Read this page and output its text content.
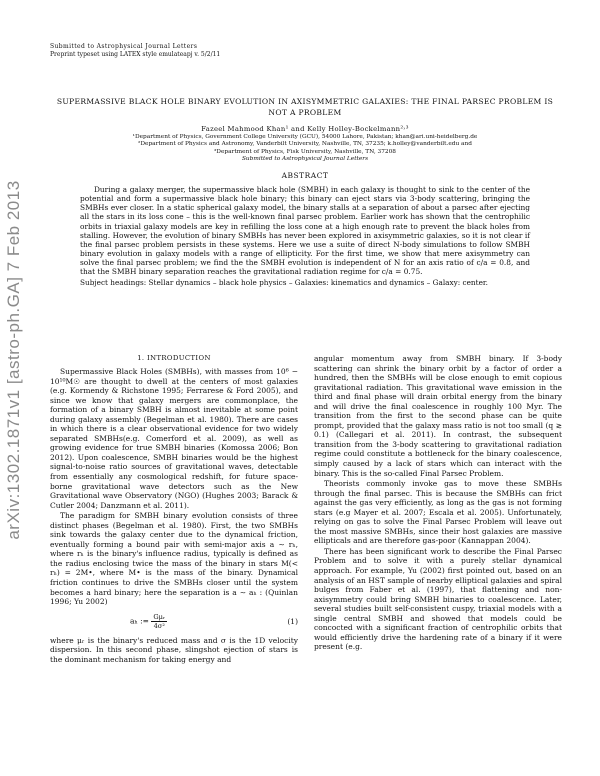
arXiv:1302.1871v1 [astro-ph.GA] 7 Feb 2013

Submitted to Astrophysical Journal Letters

Preprint typeset using LATEX style emulateapj v. 5/2/11

SUPERMASSIVE BLACK HOLE BINARY EVOLUTION IN AXISYMMETRIC GALAXIES: THE FINAL PARSEC PROBLEM IS NOT A PROBLEM
Fazeel Mahmood Khan¹ and Kelly Holley-Bockelmann²˒³
¹Department of Physics, Government College University (GCU), 54000 Lahore, Pakistan; khan@ari.uni-heidelberg.de
²Department of Physics and Astronomy, Vanderbilt University, Nashville, TN, 37235; k.holley@vanderbilt.edu and
³Department of Physics, Fisk University, Nashville, TN, 37208
Submitted to Astrophysical Journal Letters
ABSTRACT
During a galaxy merger, the supermassive black hole (SMBH) in each galaxy is thought to sink to the center of the potential and form a supermassive black hole binary; this binary can eject stars via 3-body scattering, bringing the SMBHs ever closer. In a static spherical galaxy model, the binary stalls at a separation of about a parsec after ejecting all the stars in its loss cone – this is the well-known final parsec problem. Earlier work has shown that the centrophilic orbits in triaxial galaxy models are key in refilling the loss cone at a high enough rate to prevent the black holes from stalling. However, the evolution of binary SMBHs has never been explored in axisymmetric galaxies, so it is not clear if the final parsec problem persists in these systems. Here we use a suite of direct N-body simulations to follow SMBH binary evolution in galaxy models with a range of ellipticity. For the first time, we show that mere axisymmetry can solve the final parsec problem; we find the the SMBH evolution is independent of N for an axis ratio of c/a = 0.8, and that the SMBH binary separation reaches the gravitational radiation regime for c/a = 0.75.
Subject headings: Stellar dynamics – black hole physics – Galaxies: kinematics and dynamics – Galaxy: center.
1. INTRODUCTION

Supermassive Black Holes (SMBHs), with masses from 10⁶ − 10¹⁰M☉ are thought to dwell at the centers of most galaxies (e.g. Kormendy & Richstone 1995; Ferrarese & Ford 2005), and since we know that galaxy mergers are commonplace, the formation of a binary SMBH is almost inevitable at some point during galaxy assembly (Begelman et al. 1980). There are cases in which there is a clear observational evidence for two widely separated SMBHs(e.g. Comerford et al. 2009), as well as growing evidence for true SMBH binaries (Komossa 2006; Bon 2012). Upon coalescence, SMBH binaries would be the highest signal-to-noise ratio sources of gravitational waves, detectable from essentially any cosmological redshift, for future space-borne gravitational wave detectors such as the New Gravitational wave Observatory (NGO) (Hughes 2003; Barack & Cutler 2004; Danzmann et al. 2011).

The paradigm for SMBH binary evolution consists of three distinct phases (Begelman et al. 1980). First, the two SMBHs sink towards the galaxy center due to the dynamical friction, eventually forming a bound pair with semi-major axis a ∼ rₕ, where rₕ is the binary's influence radius, typically is defined as the radius enclosing twice the mass of the binary in stars M(< rₕ) = 2M•, where M• is the mass of the binary. Dynamical friction continues to drive the SMBHs closer until the system becomes a hard binary; here the separation is a ∼ aₕ : (Quinlan 1996; Yu 2002)

aₕ := $\frac{\text{Gμᵣ}}{\text{4σ²}}$	(1)

where μᵣ is the binary's reduced mass and σ is the 1D velocity dispersion. In this second phase, slingshot ejection of stars is the dominant mechanism for taking energy and

angular momentum away from SMBH binary. If 3-body scattering can shrink the binary orbit by a factor of order a hundred, then the SMBHs will be close enough to emit copious gravitational radiation. This gravitational wave emission in the third and final phase will drain orbital energy from the binary and will drive the final coalescence in roughly 100 Myr. The transition from the first to the second phase can be quite prompt, provided that the galaxy mass ratio is not too small (q ≳ 0.1) (Callegari et al. 2011). In contrast, the subsequent transition from the 3-body scattering to gravitational radiation regime could constitute a bottleneck for the binary coalescence, simply caused by a lack of stars which can interact with the binary. This is the so-called Final Parsec Problem.

Theorists commonly invoke gas to move these SMBHs through the final parsec. This is because the SMBHs can frict against the gas very efficiently, as long as the gas is not forming stars (e.g Mayer et al. 2007; Escala et al. 2005). Unfortunately, relying on gas to solve the Final Parsec Problem will leave out the most massive SMBHs, since their host galaxies are massive ellipticals and are therefore gas-poor (Kannappan 2004).

There has been significant work to describe the Final Parsec Problem and to solve it with a purely stellar dynamical approach. For example, Yu (2002) first pointed out, based on an analysis of an HST sample of nearby elliptical galaxies and spiral bulges from Faber et al. (1997), that flattening and non-axisymmetry could bring SMBH binaries to coalescence. Later, several studies built self-consistent cuspy, triaxial models with a single central SMBH and showed that models could be concocted with a significant fraction of centrophilic orbits that would efficiently drive the hardening rate of a binary if it were present (e.g.
